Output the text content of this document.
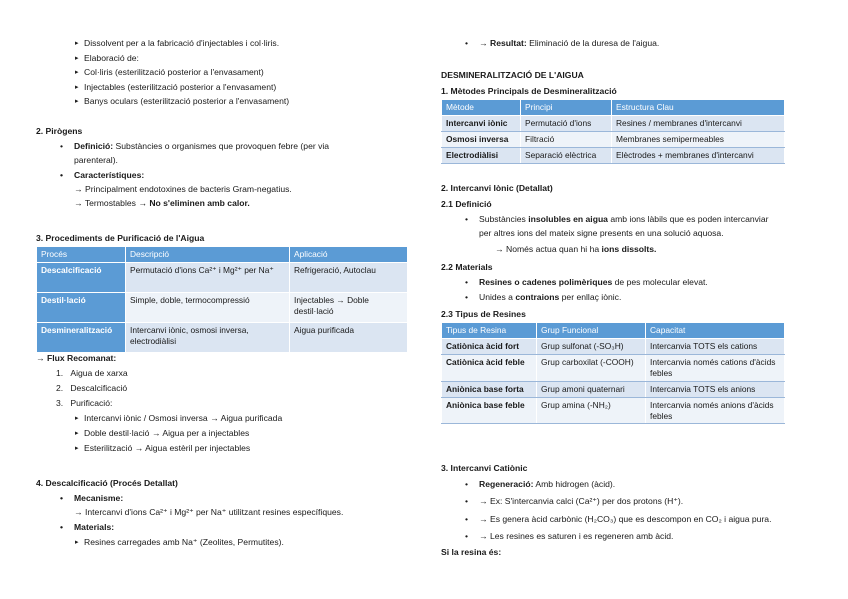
▸ Dissolvent per a la fabricació d'injectables i col·liris.
▸ Elaboració de:
▸ Col·liris (esterilització posterior a l'envasament)
▸ Injectables (esterilització posterior a l'envasament)
▸ Banys oculars (esterilització posterior a l'envasament)
2. Pirògens
• Definició: Substàncies o organismes que provoquen febre (per via
parenteral).
• Característiques:
→ Principalment endotoxines de bacteris Gram-negatius.
→ Termostables → No s'eliminen amb calor.
3. Procediments de Purificació de l'Aigua
Procés	Descripció	Aplicació
Descalcificació	Permutació d'ions Ca²⁺ i Mg²⁺ per Na⁺	Refrigeració, Autoclau
Destil·lació	Simple, doble, termocompressió	Injectables → Doble destil·lació
Desmineralització	Intercanvi iònic, osmosi inversa, electrodiàlisi	Aigua purificada
→ Flux Recomanat:
1.   Aigua de xarxa
2.   Descalcificació
3.   Purificació:
▸ Intercanvi iònic / Osmosi inversa → Aigua purificada
▸ Doble destil·lació → Aigua per a injectables
▸ Esterilització → Aigua estèril per injectables
4. Descalcificació (Procés Detallat)
• Mecanisme:
→ Intercanvi d'ions Ca²⁺ i Mg²⁺ per Na⁺ utilitzant resines específiques.
• Materials:
▸ Resines carregades amb Na⁺ (Zeolites, Permutites).
• → Resultat: Eliminació de la duresa de l'aigua.
DESMINERALITZACIÓ DE L'AIGUA
1. Mètodes Principals de Desmineralització
Mètode	Principi	Estructura Clau
Intercanvi iònic	Permutació d'ions	Resines / membranes d'intercanvi
Osmosi inversa	Filtració	Membranes semipermeables
Electrodiàlisi	Separació elèctrica	Elèctrodes + membranes d'intercanvi
2. Intercanvi Iònic (Detallat)
2.1 Definició
• Substàncies insolubles en aigua amb ions làbils que es poden intercanviar
per altres ions del mateix signe presents en una solució aquosa.
→ Només actua quan hi ha ions dissolts.
2.2 Materials
• Resines o cadenes polimèriques de pes molecular elevat.
• Unides a contraions per enllaç iònic.
2.3 Tipus de Resines
Tipus de Resina	Grup Funcional	Capacitat
Catiònica àcid fort	Grup sulfonat (-SO₃H)	Intercanvia TOTS els cations
Catiònica àcid feble	Grup carboxilat (-COOH)	Intercanvia només cations d'àcids febles
Aniònica base forta	Grup amoni quaternari	Intercanvia TOTS els anions
Aniònica base feble	Grup amina (-NH₂)	Intercanvia només anions d'àcids febles
3. Intercanvi Catiònic
• Regeneració: Amb hidrogen (àcid).
• → Ex: S'intercanvia calci (Ca²⁺) per dos protons (H⁺).
• → Es genera àcid carbònic (H₂CO₃) que es descompon en CO₂ i aigua pura.
• → Les resines es saturen i es regeneren amb àcid.
Si la resina és:
